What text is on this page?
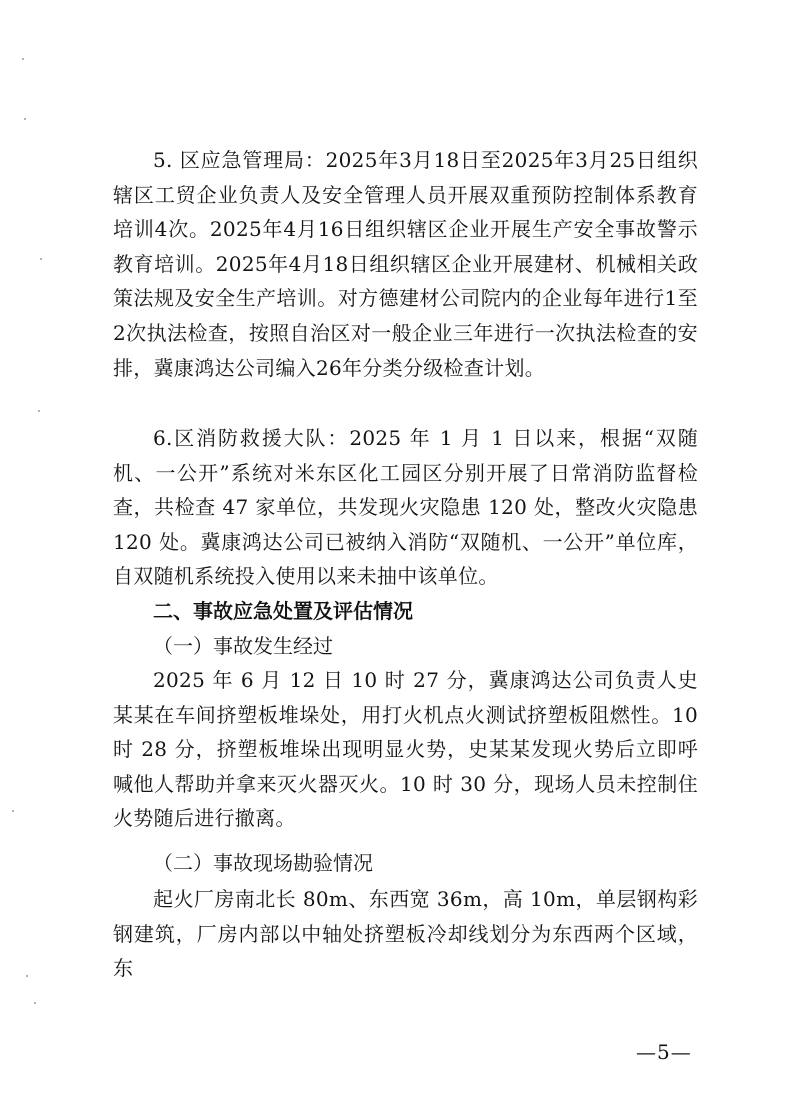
5. 区应急管理局：2025年3月18日至2025年3月25日组织辖区工贸企业负责人及安全管理人员开展双重预防控制体系教育培训4次。2025年4月16日组织辖区企业开展生产安全事故警示教育培训。2025年4月18日组织辖区企业开展建材、机械相关政策法规及安全生产培训。对方德建材公司院内的企业每年进行1至2次执法检查，按照自治区对一般企业三年进行一次执法检查的安排，冀康鸿达公司编入26年分类分级检查计划。

6.区消防救援大队：2025 年 1 月 1 日以来，根据“双随机、一公开”系统对米东区化工园区分别开展了日常消防监督检查，共检查 47 家单位，共发现火灾隐患 120 处，整改火灾隐患 120 处。冀康鸿达公司已被纳入消防“双随机、一公开”单位库，自双随机系统投入使用以来未抽中该单位。

二、事故应急处置及评估情况

（一）事故发生经过

2025 年 6 月 12 日 10 时 27 分，冀康鸿达公司负责人史某某在车间挤塑板堆垛处，用打火机点火测试挤塑板阻燃性。10 时 28 分，挤塑板堆垛出现明显火势，史某某发现火势后立即呼喊他人帮助并拿来灭火器灭火。10 时 30 分，现场人员未控制住火势随后进行撤离。

（二）事故现场勘验情况

起火厂房南北长 80m、东西宽 36m，高 10m，单层钢构彩钢建筑，厂房内部以中轴处挤塑板冷却线划分为东西两个区域，东

—5—
